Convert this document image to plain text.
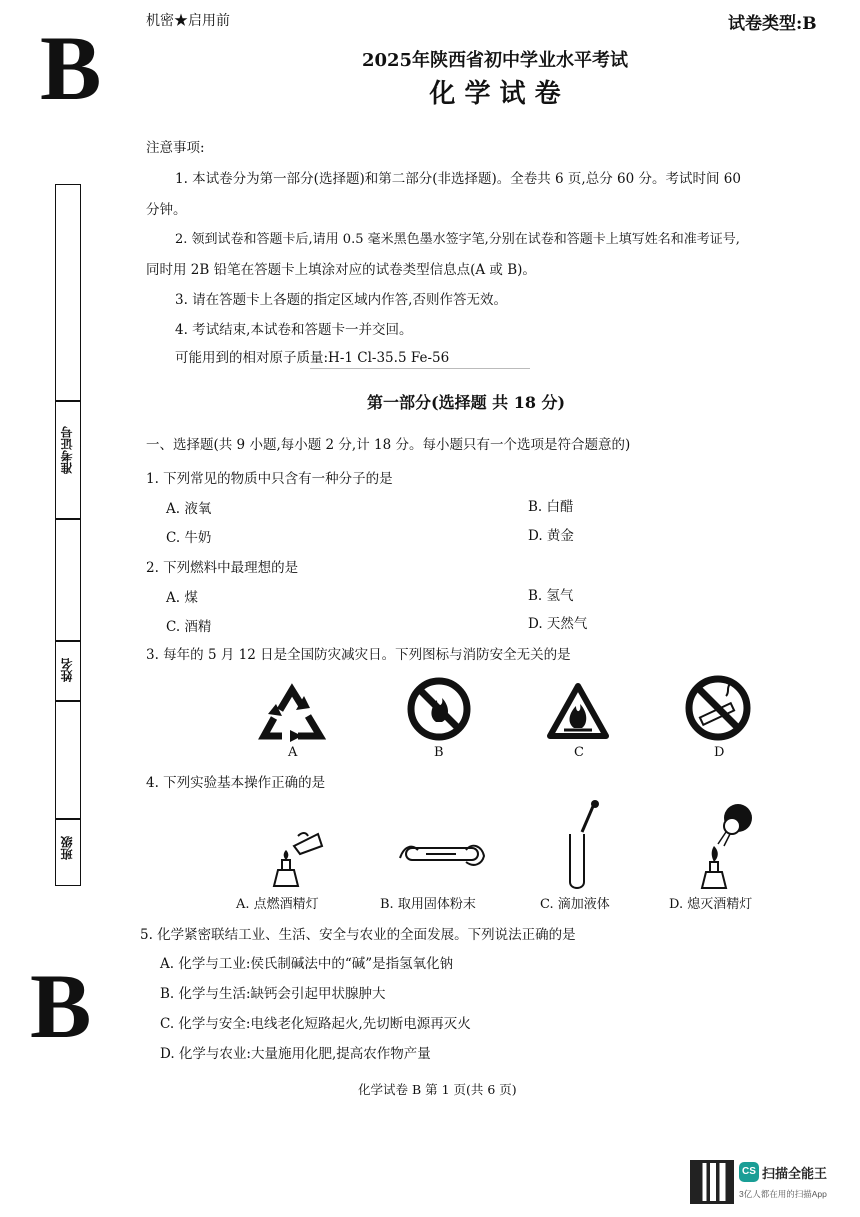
B
B
机密★启用前	试卷类型:B
2025年陕西省初中学业水平考试
化 学 试 卷
注意事项:
1. 本试卷分为第一部分(选择题)和第二部分(非选择题)。全卷共 6 页,总分 60 分。考试时间 60
分钟。
2. 领到试卷和答题卡后,请用 0.5 毫米黑色墨水签字笔,分别在试卷和答题卡上填写姓名和准考证号,
同时用 2B 铅笔在答题卡上填涂对应的试卷类型信息点(A 或 B)。
3. 请在答题卡上各题的指定区域内作答,否则作答无效。
4. 考试结束,本试卷和答题卡一并交回。
可能用到的相对原子质量:H-1 Cl-35.5 Fe-56
第一部分(选择题 共 18 分)
一、选择题(共 9 小题,每小题 2 分,计 18 分。每小题只有一个选项是符合题意的)
准考证号
姓名
班级
1. 下列常见的物质中只含有一种分子的是
A. 液氧	B. 白醋
C. 牛奶	D. 黄金
2. 下列燃料中最理想的是
A. 煤	B. 氢气
C. 酒精	D. 天然气
3. 每年的 5 月 12 日是全国防灾减灾日。下列图标与消防安全无关的是
A	B	C	D
4. 下列实验基本操作正确的是
A. 点燃酒精灯	B. 取用固体粉末	C. 滴加液体	D. 熄灭酒精灯
5. 化学紧密联结工业、生活、安全与农业的全面发展。下列说法正确的是
A. 化学与工业:侯氏制碱法中的“碱”是指氢氧化钠
B. 化学与生活:缺钙会引起甲状腺肿大
C. 化学与安全:电线老化短路起火,先切断电源再灭火
D. 化学与农业:大量施用化肥,提高农作物产量
化学试卷 B 第 1 页(共 6 页)
CS 扫描全能王
3亿人都在用的扫描App
